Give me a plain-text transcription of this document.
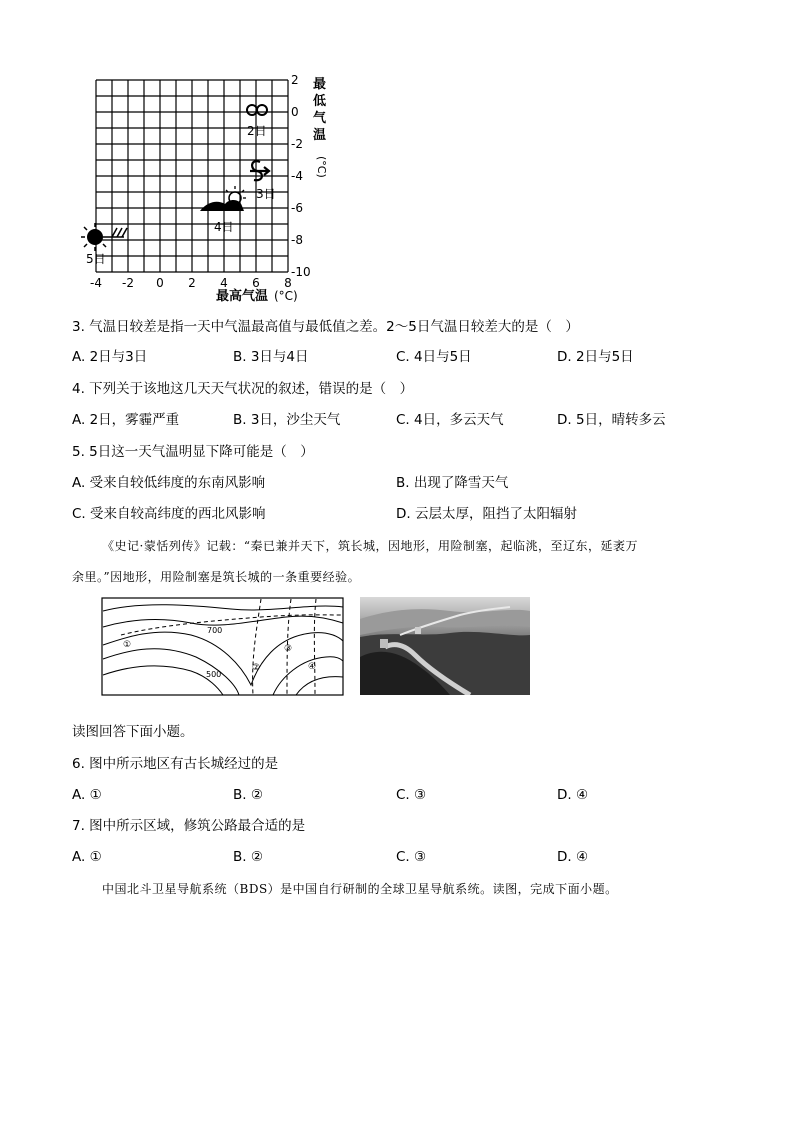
-4 -2 0 2 4 6 8
2
0
-2
-4
-6
-8
-10
2日
3日
4日
5日
最
低
气
温
(°C)
最高气温 (°C)
3. 气温日较差是指一天中气温最高值与最低值之差。2～5日气温日较差大的是（　）
A. 2日与3日	B. 3日与4日	C. 4日与5日	D. 2日与5日
4. 下列关于该地这几天天气状况的叙述，错误的是（　）
A. 2日，雾霾严重	B. 3日，沙尘天气	C. 4日，多云天气	D. 5日，晴转多云
5. 5日这一天气温明显下降可能是（　）
A. 受来自较低纬度的东南风影响	B. 出现了降雪天气
C. 受来自较高纬度的西北风影响	D. 云层太厚，阻挡了太阳辐射
《史记·蒙恬列传》记载：“秦已兼并天下，筑长城，因地形，用险制塞，起临洮，至辽东，延袤万
余里。”因地形，用险制塞是筑长城的一条重要经验。
700
500
①
②
③
④
读图回答下面小题。
6. 图中所示地区有古长城经过的是
A. ①	B. ②	C. ③	D. ④
7. 图中所示区域，修筑公路最合适的是
A. ①	B. ②	C. ③	D. ④
中国北斗卫星导航系统（BDS）是中国自行研制的全球卫星导航系统。读图，完成下面小题。
